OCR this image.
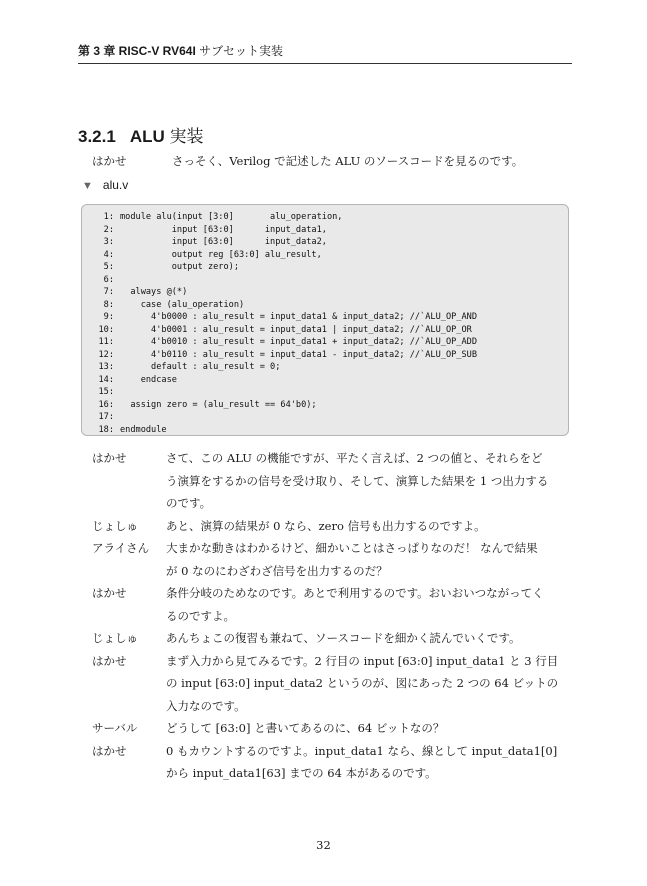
第 3 章 RISC-V RV64I サブセット実装
3.2.1 ALU 実装
はかせ	さっそく、Verilog で記述した ALU のソースコードを見るのです。
▼ alu.v
1: module alu(input [3:0]       alu_operation,
2:          input [63:0]      input_data1,
3:          input [63:0]      input_data2,
4:          output reg [63:0] alu_result,
5:          output zero);
6:
7:  always @(*)
8:    case (alu_operation)
9:      4'b0000 : alu_result = input_data1 & input_data2; //`ALU_OP_AND
10:      4'b0001 : alu_result = input_data1 | input_data2; //`ALU_OP_OR
11:      4'b0010 : alu_result = input_data1 + input_data2; //`ALU_OP_ADD
12:      4'b0110 : alu_result = input_data1 - input_data2; //`ALU_OP_SUB
13:      default : alu_result = 0;
14:    endcase
15:
16:  assign zero = (alu_result == 64'b0);
17:
18: endmodule
はかせ	さて、この ALU の機能ですが、平たく言えば、2 つの値と、それらをど
う演算をするかの信号を受け取り、そして、演算した結果を 1 つ出力する
のです。
じょしゅ	あと、演算の結果が 0 なら、zero 信号も出力するのですよ。
アライさん	大まかな動きはわかるけど、細かいことはさっぱりなのだ！ なんで結果
が 0 なのにわざわざ信号を出力するのだ？
はかせ	条件分岐のためなのです。あとで利用するのです。おいおいつながってく
るのですよ。
じょしゅ	あんちょこの復習も兼ねて、ソースコードを細かく読んでいくです。
はかせ	まず入力から見てみるです。2 行目の input [63:0] input_data1 と 3 行目
の input [63:0] input_data2 というのが、図にあった 2 つの 64 ビットの
入力なのです。
サーバル	どうして [63:0] と書いてあるのに、64 ビットなの？
はかせ	0 もカウントするのですよ。input_data1 なら、線として input_data1[0]
から input_data1[63] までの 64 本があるのです。
32
